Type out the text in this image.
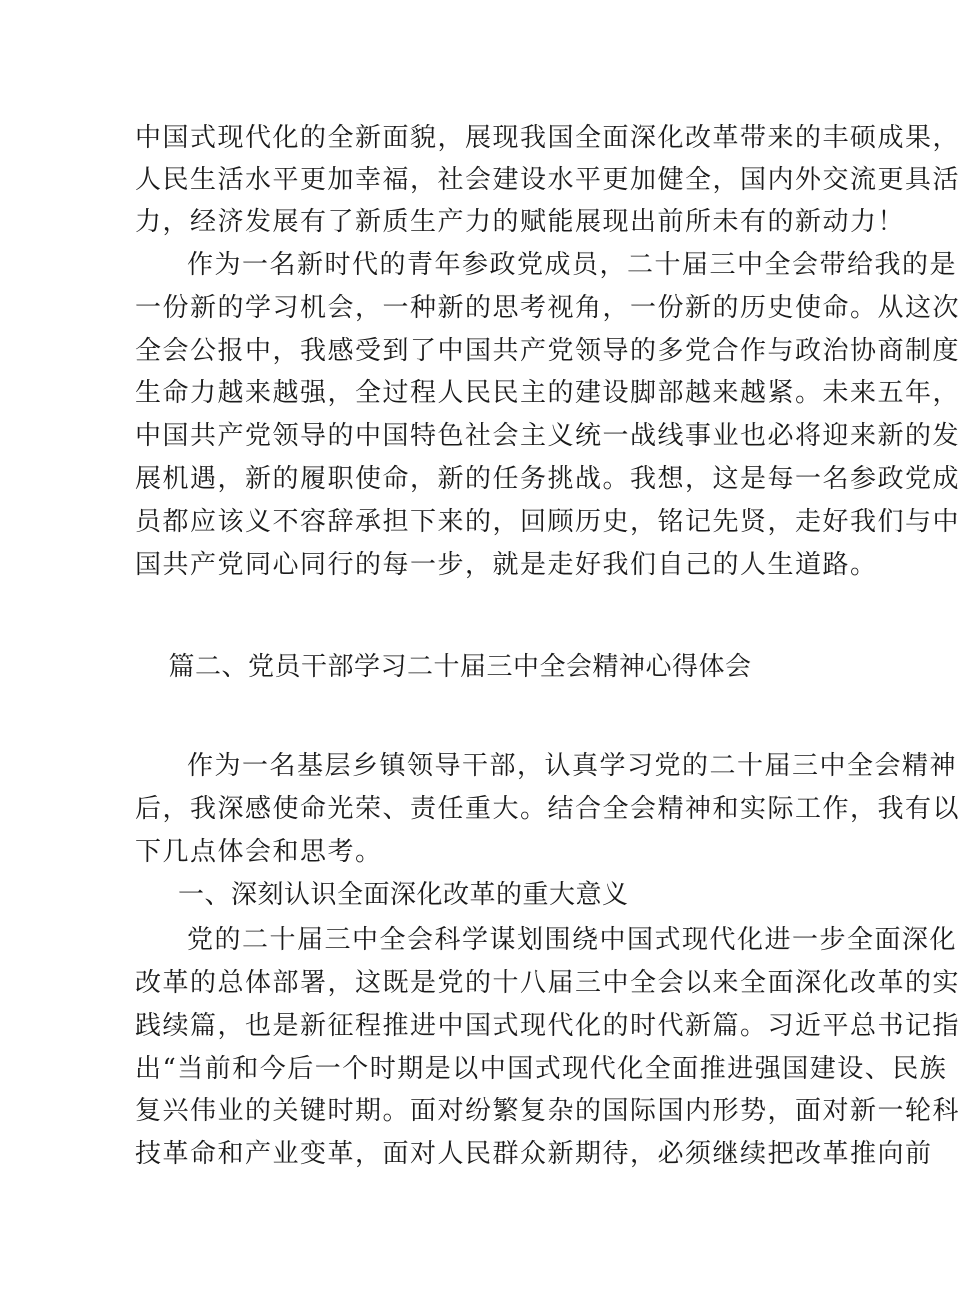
中国式现代化的全新面貌，展现我国全面深化改革带来的丰硕成果，
人民生活水平更加幸福，社会建设水平更加健全，国内外交流更具活
力，经济发展有了新质生产力的赋能展现出前所未有的新动力！
作为一名新时代的青年参政党成员，二十届三中全会带给我的是
一份新的学习机会，一种新的思考视角，一份新的历史使命。从这次
全会公报中，我感受到了中国共产党领导的多党合作与政治协商制度
生命力越来越强，全过程人民民主的建设脚部越来越紧。未来五年，
中国共产党领导的中国特色社会主义统一战线事业也必将迎来新的发
展机遇，新的履职使命，新的任务挑战。我想，这是每一名参政党成
员都应该义不容辞承担下来的，回顾历史，铭记先贤，走好我们与中
国共产党同心同行的每一步，就是走好我们自己的人生道路。
篇二、党员干部学习二十届三中全会精神心得体会
作为一名基层乡镇领导干部，认真学习党的二十届三中全会精神
后，我深感使命光荣、责任重大。结合全会精神和实际工作，我有以
下几点体会和思考。
一、深刻认识全面深化改革的重大意义
党的二十届三中全会科学谋划围绕中国式现代化进一步全面深化
改革的总体部署，这既是党的十八届三中全会以来全面深化改革的实
践续篇，也是新征程推进中国式现代化的时代新篇。习近平总书记指
出“当前和今后一个时期是以中国式现代化全面推进强国建设、民族
复兴伟业的关键时期。面对纷繁复杂的国际国内形势，面对新一轮科
技革命和产业变革，面对人民群众新期待，必须继续把改革推向前
